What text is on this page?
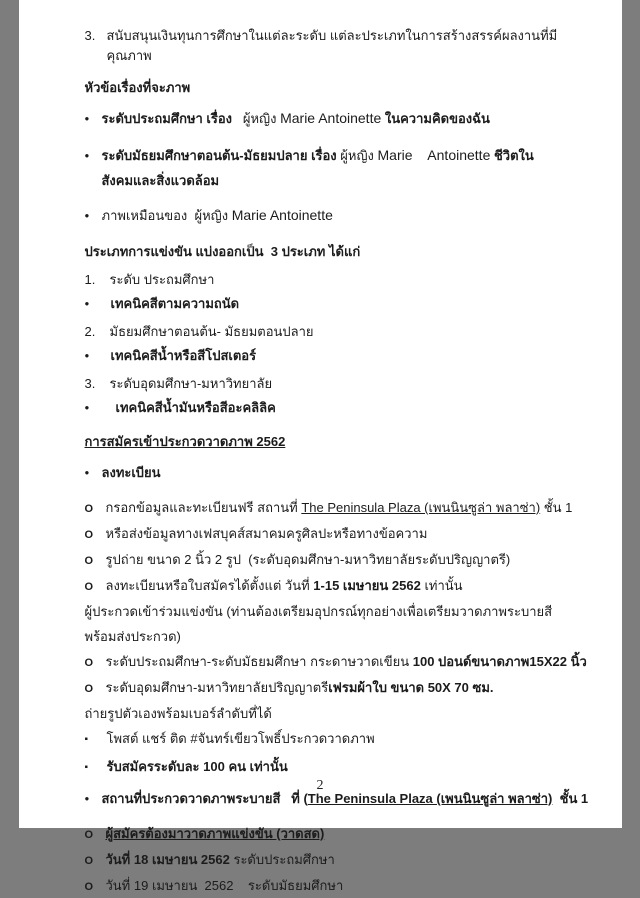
3. สนับสนุนเงินทุนการศึกษาในแต่ละระดับ แต่ละประเภทในการสร้างสรรค์ผลงานที่มีคุณภาพ
หัวข้อเรื่องที่จะภาพ
● ระดับประถมศึกษา เรื่อง   ผู้หญิง Marie Antoinette ในความคิดของฉัน
● ระดับมัธยมศึกษาตอนต้น-มัธยมปลาย เรื่อง ผู้หญิง Marie    Antoinette ชีวิตใน
สังคมและสิ่งแวดล้อม
● ภาพเหมือนของ  ผู้หญิง Marie Antoinette
ประเภทการแข่งขัน แบ่งออกเป็น  3 ประเภท ได้แก่
1.	ระดับ ประถมศึกษา
●	เทคนิคสีตามความถนัด
2.	มัธยมศึกษาตอนต้น- มัธยมตอนปลาย
●	เทคนิคสีน้ำหรือสีโปสเตอร์
3.	ระดับอุดมศึกษา-มหาวิทยาลัย
●	เทคนิคสีน้ำมันหรือสีอะคลิลิค
การสมัครเข้าประกวดวาดภาพ 2562
● ลงทะเบียน
O กรอกข้อมูลและทะเบียนฟรี สถานที่ The Peninsula Plaza (เพนนินซูล่า พลาซ่า) ชั้น 1
O หรือส่งข้อมูลทางเฟสบุคส์สมาคมครูศิลปะหรือทางข้อความ
O รูปถ่าย ขนาด 2 นิ้ว 2 รูป  (ระดับอุดมศึกษา-มหาวิทยาลัยระดับปริญญาตรี)
O ลงทะเบียนหรือใบสมัครได้ตั้งแต่ วันที่ 1-15 เมษายน 2562 เท่านั้น
ผู้ประกวดเข้าร่วมแข่งขัน (ท่านต้องเตรียมอุปกรณ์ทุกอย่างเพื่อเตรียมวาดภาพระบายสี
พร้อมส่งประกวด)
O ระดับประถมศึกษา-ระดับมัธยมศึกษา กระดาษวาดเขียน 100 ปอนด์ขนาดภาพ15X22 นิ้ว
O ระดับอุดมศึกษา-มหาวิทยาลัยปริญญาตรีเฟรมผ้าใบ ขนาด 50X 70 ซม.
ถ่ายรูปตัวเองพร้อมเบอร์ลำดับที่ได้
▪	โพสต์ แชร์ ติด #จันทร์เขียวโพธิ์ประกวดวาดภาพ
▪	รับสมัครระดับละ 100 คน เท่านั้น
● สถานที่ประกวดวาดภาพระบายสี   ที่ (The Peninsula Plaza (เพนนินซูล่า พลาซ่า)  ชั้น 1
O ผู้สมัครต้องมาวาดภาพแข่งขัน (วาดสด)
O วันที่ 18 เมษายน 2562 ระดับประถมศึกษา
O วันที่ 19 เมษายน  2562    ระดับมัธยมศึกษา
2
